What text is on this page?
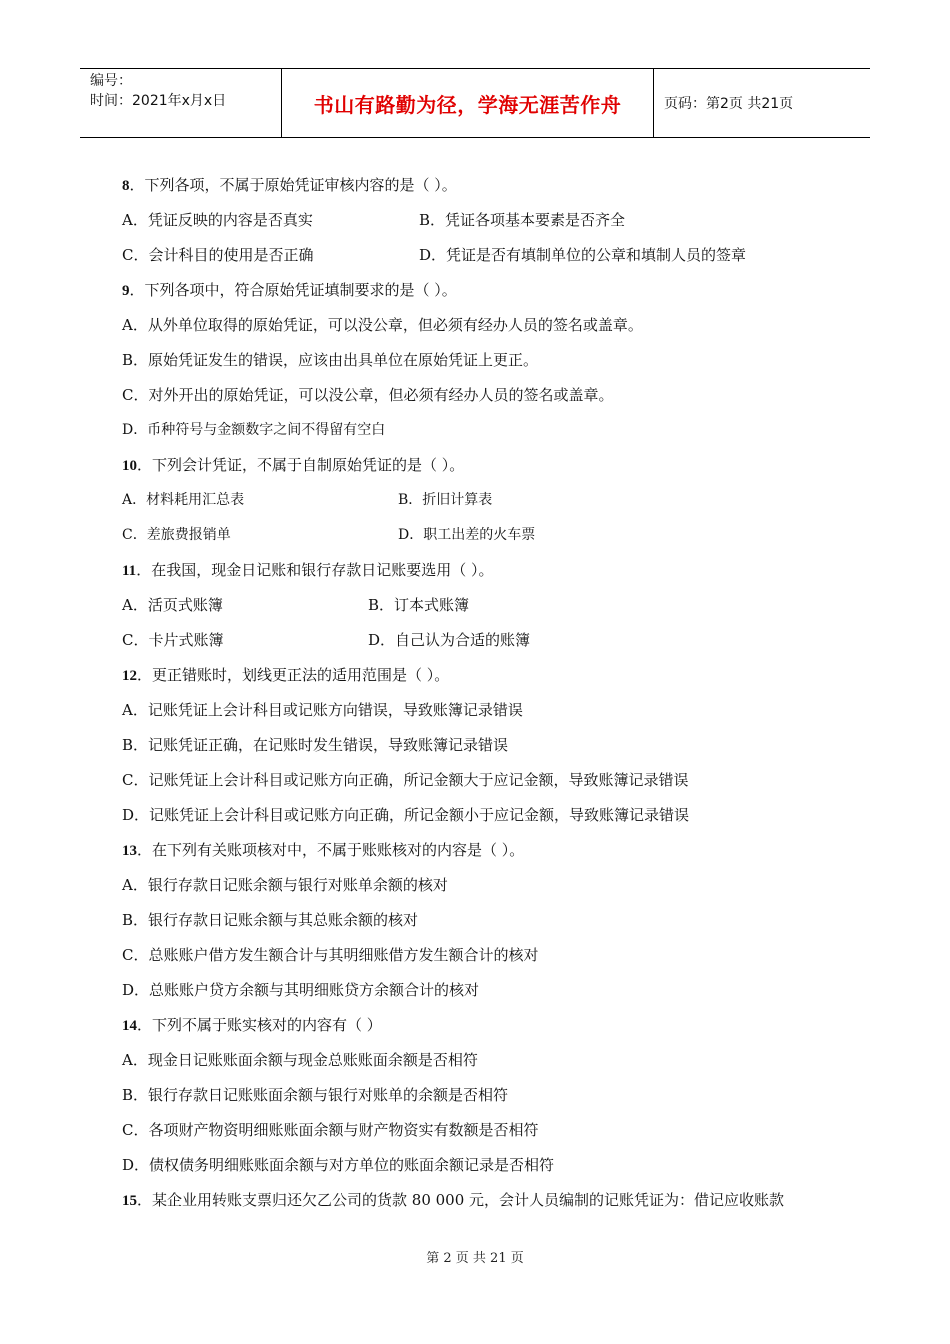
编号：
时间：2021年x月x日	书山有路勤为径，学海无涯苦作舟	页码：第2页 共21页
8．下列各项，不属于原始凭证审核内容的是（ ）。
A．凭证反映的内容是否真实	B．凭证各项基本要素是否齐全
C．会计科目的使用是否正确	D．凭证是否有填制单位的公章和填制人员的签章
9．下列各项中，符合原始凭证填制要求的是（ ）。
A．从外单位取得的原始凭证，可以没公章，但必须有经办人员的签名或盖章。
B．原始凭证发生的错误，应该由出具单位在原始凭证上更正。
C．对外开出的原始凭证，可以没公章，但必须有经办人员的签名或盖章。
D．币种符号与金额数字之间不得留有空白
10．下列会计凭证，不属于自制原始凭证的是（ ）。
A．材料耗用汇总表	B．折旧计算表
C．差旅费报销单	D．职工出差的火车票
11．在我国，现金日记账和银行存款日记账要选用（ ）。
A．活页式账簿	B．订本式账簿
C．卡片式账簿	D．自己认为合适的账簿
12．更正错账时，划线更正法的适用范围是（ ）。
A．记账凭证上会计科目或记账方向错误，导致账簿记录错误
B．记账凭证正确，在记账时发生错误，导致账簿记录错误
C．记账凭证上会计科目或记账方向正确，所记金额大于应记金额，导致账簿记录错误
D．记账凭证上会计科目或记账方向正确，所记金额小于应记金额，导致账簿记录错误
13．在下列有关账项核对中，不属于账账核对的内容是（ ）。
A．银行存款日记账余额与银行对账单余额的核对
B．银行存款日记账余额与其总账余额的核对
C．总账账户借方发生额合计与其明细账借方发生额合计的核对
D．总账账户贷方余额与其明细账贷方余额合计的核对
14．下列不属于账实核对的内容有（ ）
A．现金日记账账面余额与现金总账账面余额是否相符
B．银行存款日记账账面余额与银行对账单的余额是否相符
C．各项财产物资明细账账面余额与财产物资实有数额是否相符
D．债权债务明细账账面余额与对方单位的账面余额记录是否相符
15．某企业用转账支票归还欠乙公司的货款 80 000 元，会计人员编制的记账凭证为：借记应收账款
第 2 页 共 21 页
